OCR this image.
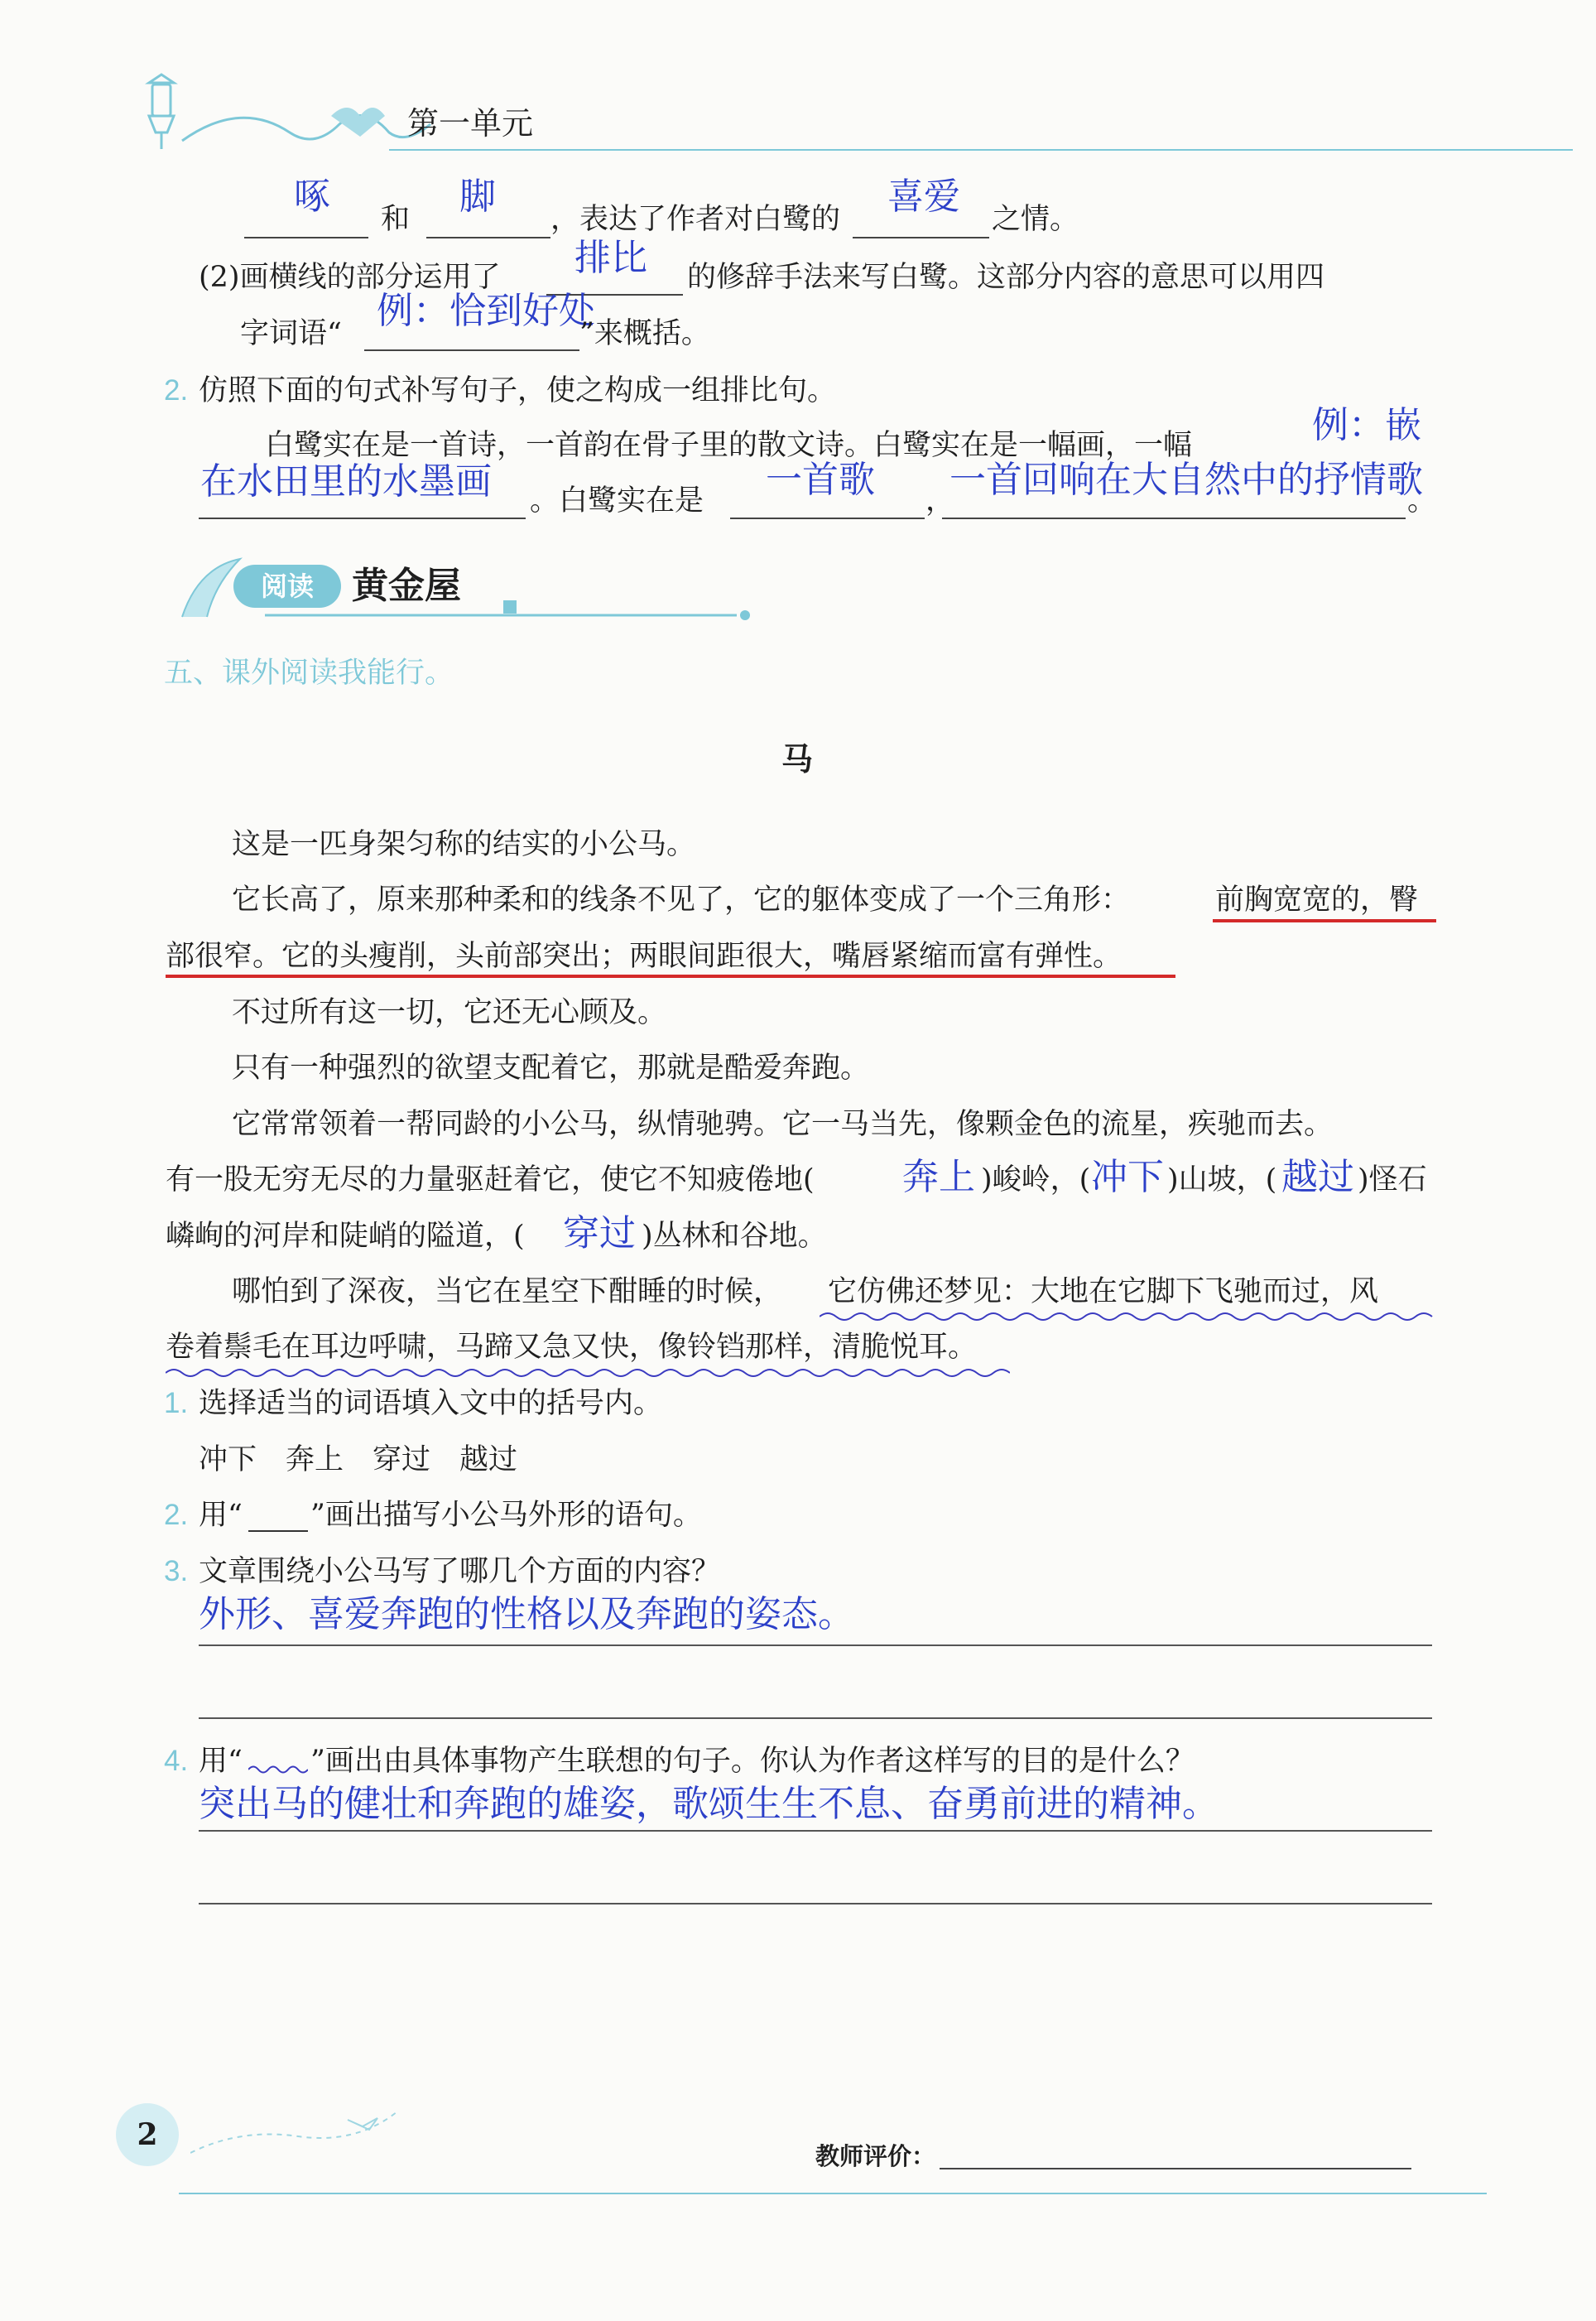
第一单元
啄
和
脚
，表达了作者对白鹭的
喜爱
之情。
(2)画横线的部分运用了 排比 的修辞手法来写白鹭。这部分内容的意思可以用四
字词语“
例：恰到好处
”来概括。
2. 仿照下面的句式补写句子，使之构成一组排比句。
白鹭实在是一首诗，一首韵在骨子里的散文诗。白鹭实在是一幅画，一幅	例：嵌
在水田里的水墨画 。白鹭实在是 一首歌 ，
一首回响在大自然中的抒情歌
。
阅读	黄金屋
五、课外阅读我能行。
马
这是一匹身架匀称的结实的小公马。
它长高了，原来那种柔和的线条不见了，它的躯体变成了一个三角形：	前胸宽宽的，臀
部很窄。它的头瘦削，头前部突出；两眼间距很大，嘴唇紧缩而富有弹性。
不过所有这一切，它还无心顾及。
只有一种强烈的欲望支配着它，那就是酷爱奔跑。
它常常领着一帮同龄的小公马，纵情驰骋。它一马当先，像颗金色的流星，疾驰而去。
有一股无穷无尽的力量驱赶着它，使它不知疲倦地( 奔上 )峻岭，( 冲下 )山坡，( 越过 )怪石
嶙峋的河岸和陡峭的隘道，( 穿过 )丛林和谷地。
哪怕到了深夜，当它在星空下酣睡的时候， 它仿佛还梦见：大地在它脚下飞驰而过，风
卷着鬃毛在耳边呼啸，马蹄又急又快，像铃铛那样，清脆悦耳。
1. 选择适当的词语填入文中的括号内。
冲下　奔上　穿过　越过
2. 用“ ”画出描写小公马外形的语句。
3. 文章围绕小公马写了哪几个方面的内容？
外形、喜爱奔跑的性格以及奔跑的姿态。
4. 用“ ”画出由具体事物产生联想的句子。你认为作者这样写的目的是什么？
突出马的健壮和奔跑的雄姿，歌颂生生不息、奋勇前进的精神。
2
教师评价：
